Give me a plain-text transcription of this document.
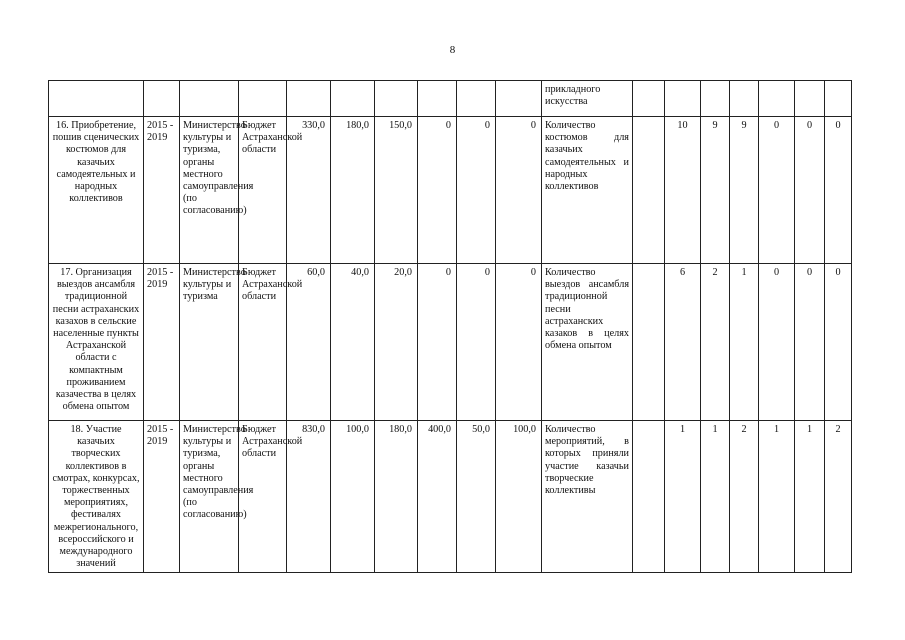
8
										прикладного искусства							
16. Приобретение, пошив сценических костюмов для казачьих самодеятельных и народных коллективов	2015 - 2019	Министерство культуры и туризма, органы местного самоуправления (по согласованию)	Бюджет Астраханской области	330,0	180,0	150,0	0	0	0	Количество костюмов для казачьих самодеятельных и народных коллективов		10	9	9	0	0	0
17. Организация выездов ансамбля традиционной песни астраханских казахов в сельские населенные пункты Астраханской области с компактным проживанием казачества в целях обмена опытом	2015 - 2019	Министерство культуры и туризма	Бюджет Астраханской области	60,0	40,0	20,0	0	0	0	Количество выездов ансамбля традиционной песни астраханских казаков в целях обмена опытом		6	2	1	0	0	0
18. Участие казачьих творческих коллективов в смотрах, конкурсах, торжественных мероприятиях, фестивалях межрегионального, всероссийского и международного значений	2015 - 2019	Министерство культуры и туризма, органы местного самоуправления (по согласованию)	Бюджет Астраханской области	830,0	100,0	180,0	400,0	50,0	100,0	Количество мероприятий, в которых приняли участие казачьи творческие коллективы		1	1	2	1	1	2
